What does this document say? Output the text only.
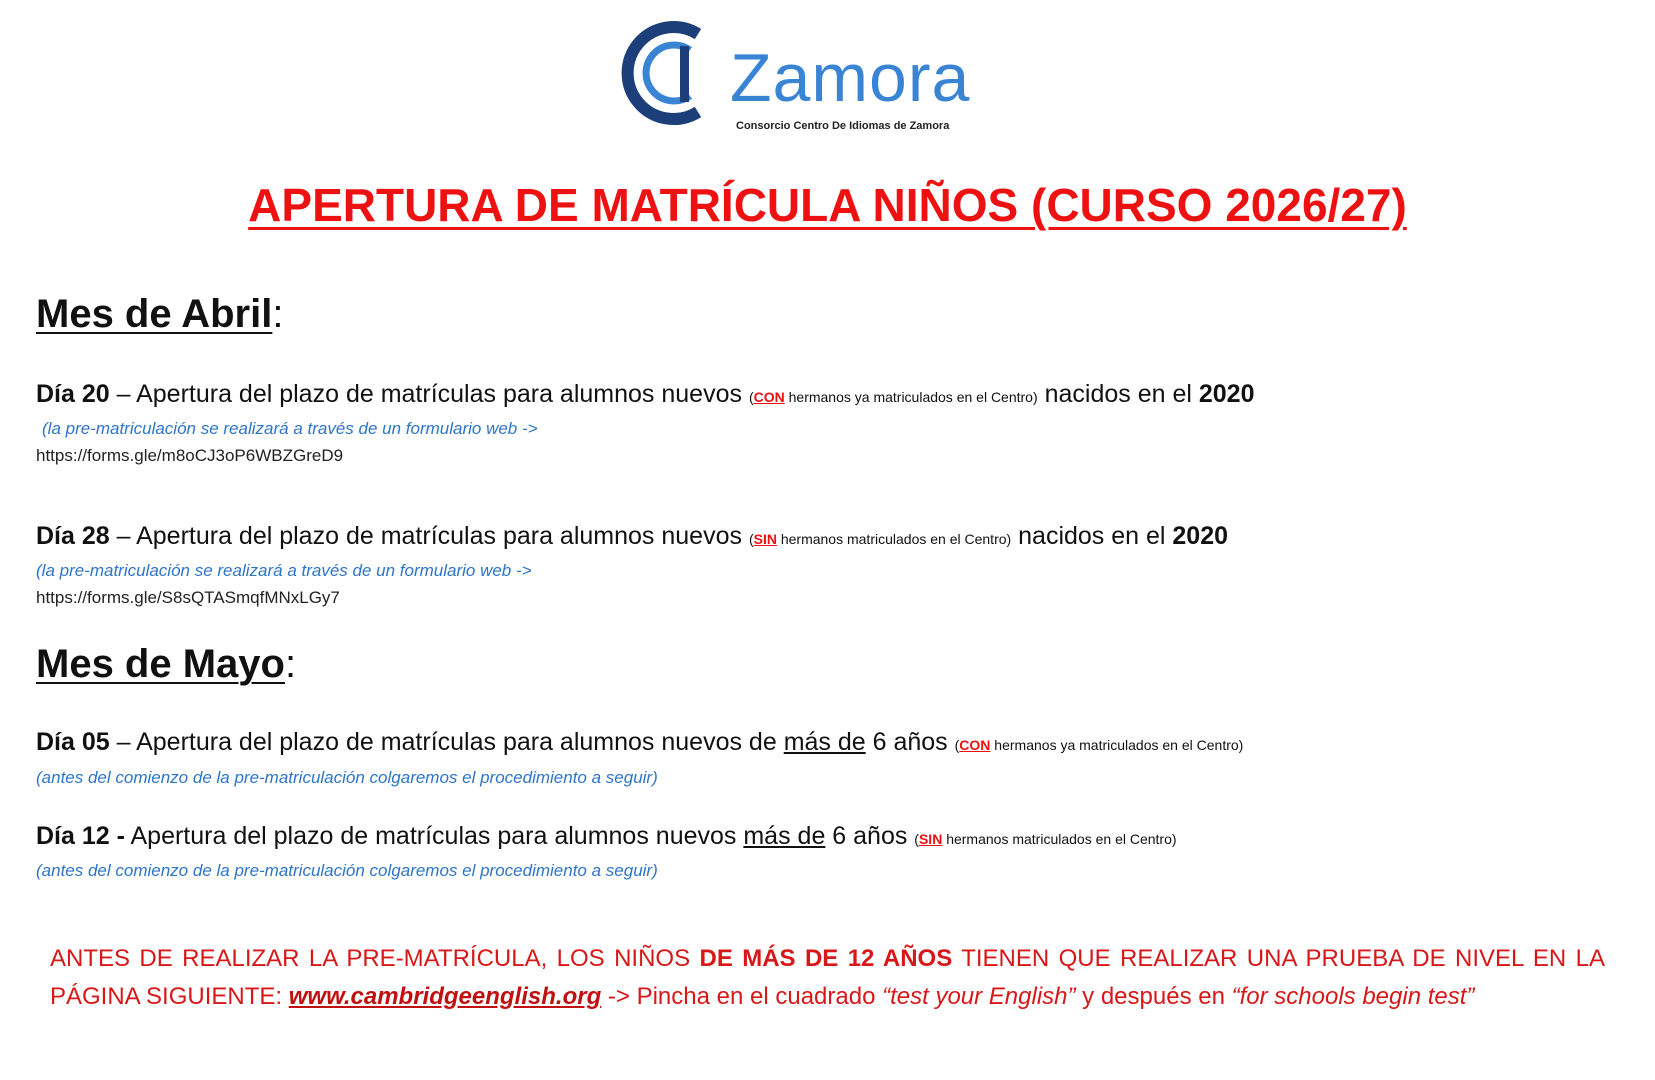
Zamora
Consorcio Centro De Idiomas de Zamora
APERTURA DE MATRÍCULA NIÑOS (CURSO 2026/27)
Mes de Abril:
Día 20 – Apertura del plazo de matrículas para alumnos nuevos (CON hermanos ya matriculados en el Centro) nacidos en el 2020
(la pre-matriculación se realizará a través de un formulario web ->
https://forms.gle/m8oCJ3oP6WBZGreD9
Día 28 – Apertura del plazo de matrículas para alumnos nuevos (SIN hermanos matriculados en el Centro) nacidos en el 2020
(la pre-matriculación se realizará a través de un formulario web ->
https://forms.gle/S8sQTASmqfMNxLGy7
Mes de Mayo:
Día 05 – Apertura del plazo de matrículas para alumnos nuevos de más de 6 años (CON hermanos ya matriculados en el Centro)
(antes del comienzo de la pre-matriculación colgaremos el procedimiento a seguir)
Día 12 - Apertura del plazo de matrículas para alumnos nuevos más de 6 años (SIN hermanos matriculados en el Centro)
(antes del comienzo de la pre-matriculación colgaremos el procedimiento a seguir)
ANTES DE REALIZAR LA PRE-MATRÍCULA, LOS NIÑOS DE MÁS DE 12 AÑOS TIENEN QUE REALIZAR UNA PRUEBA DE NIVEL EN LA PÁGINA SIGUIENTE: www.cambridgeenglish.org -> Pincha en el cuadrado “test your English” y después en “for schools begin test”
